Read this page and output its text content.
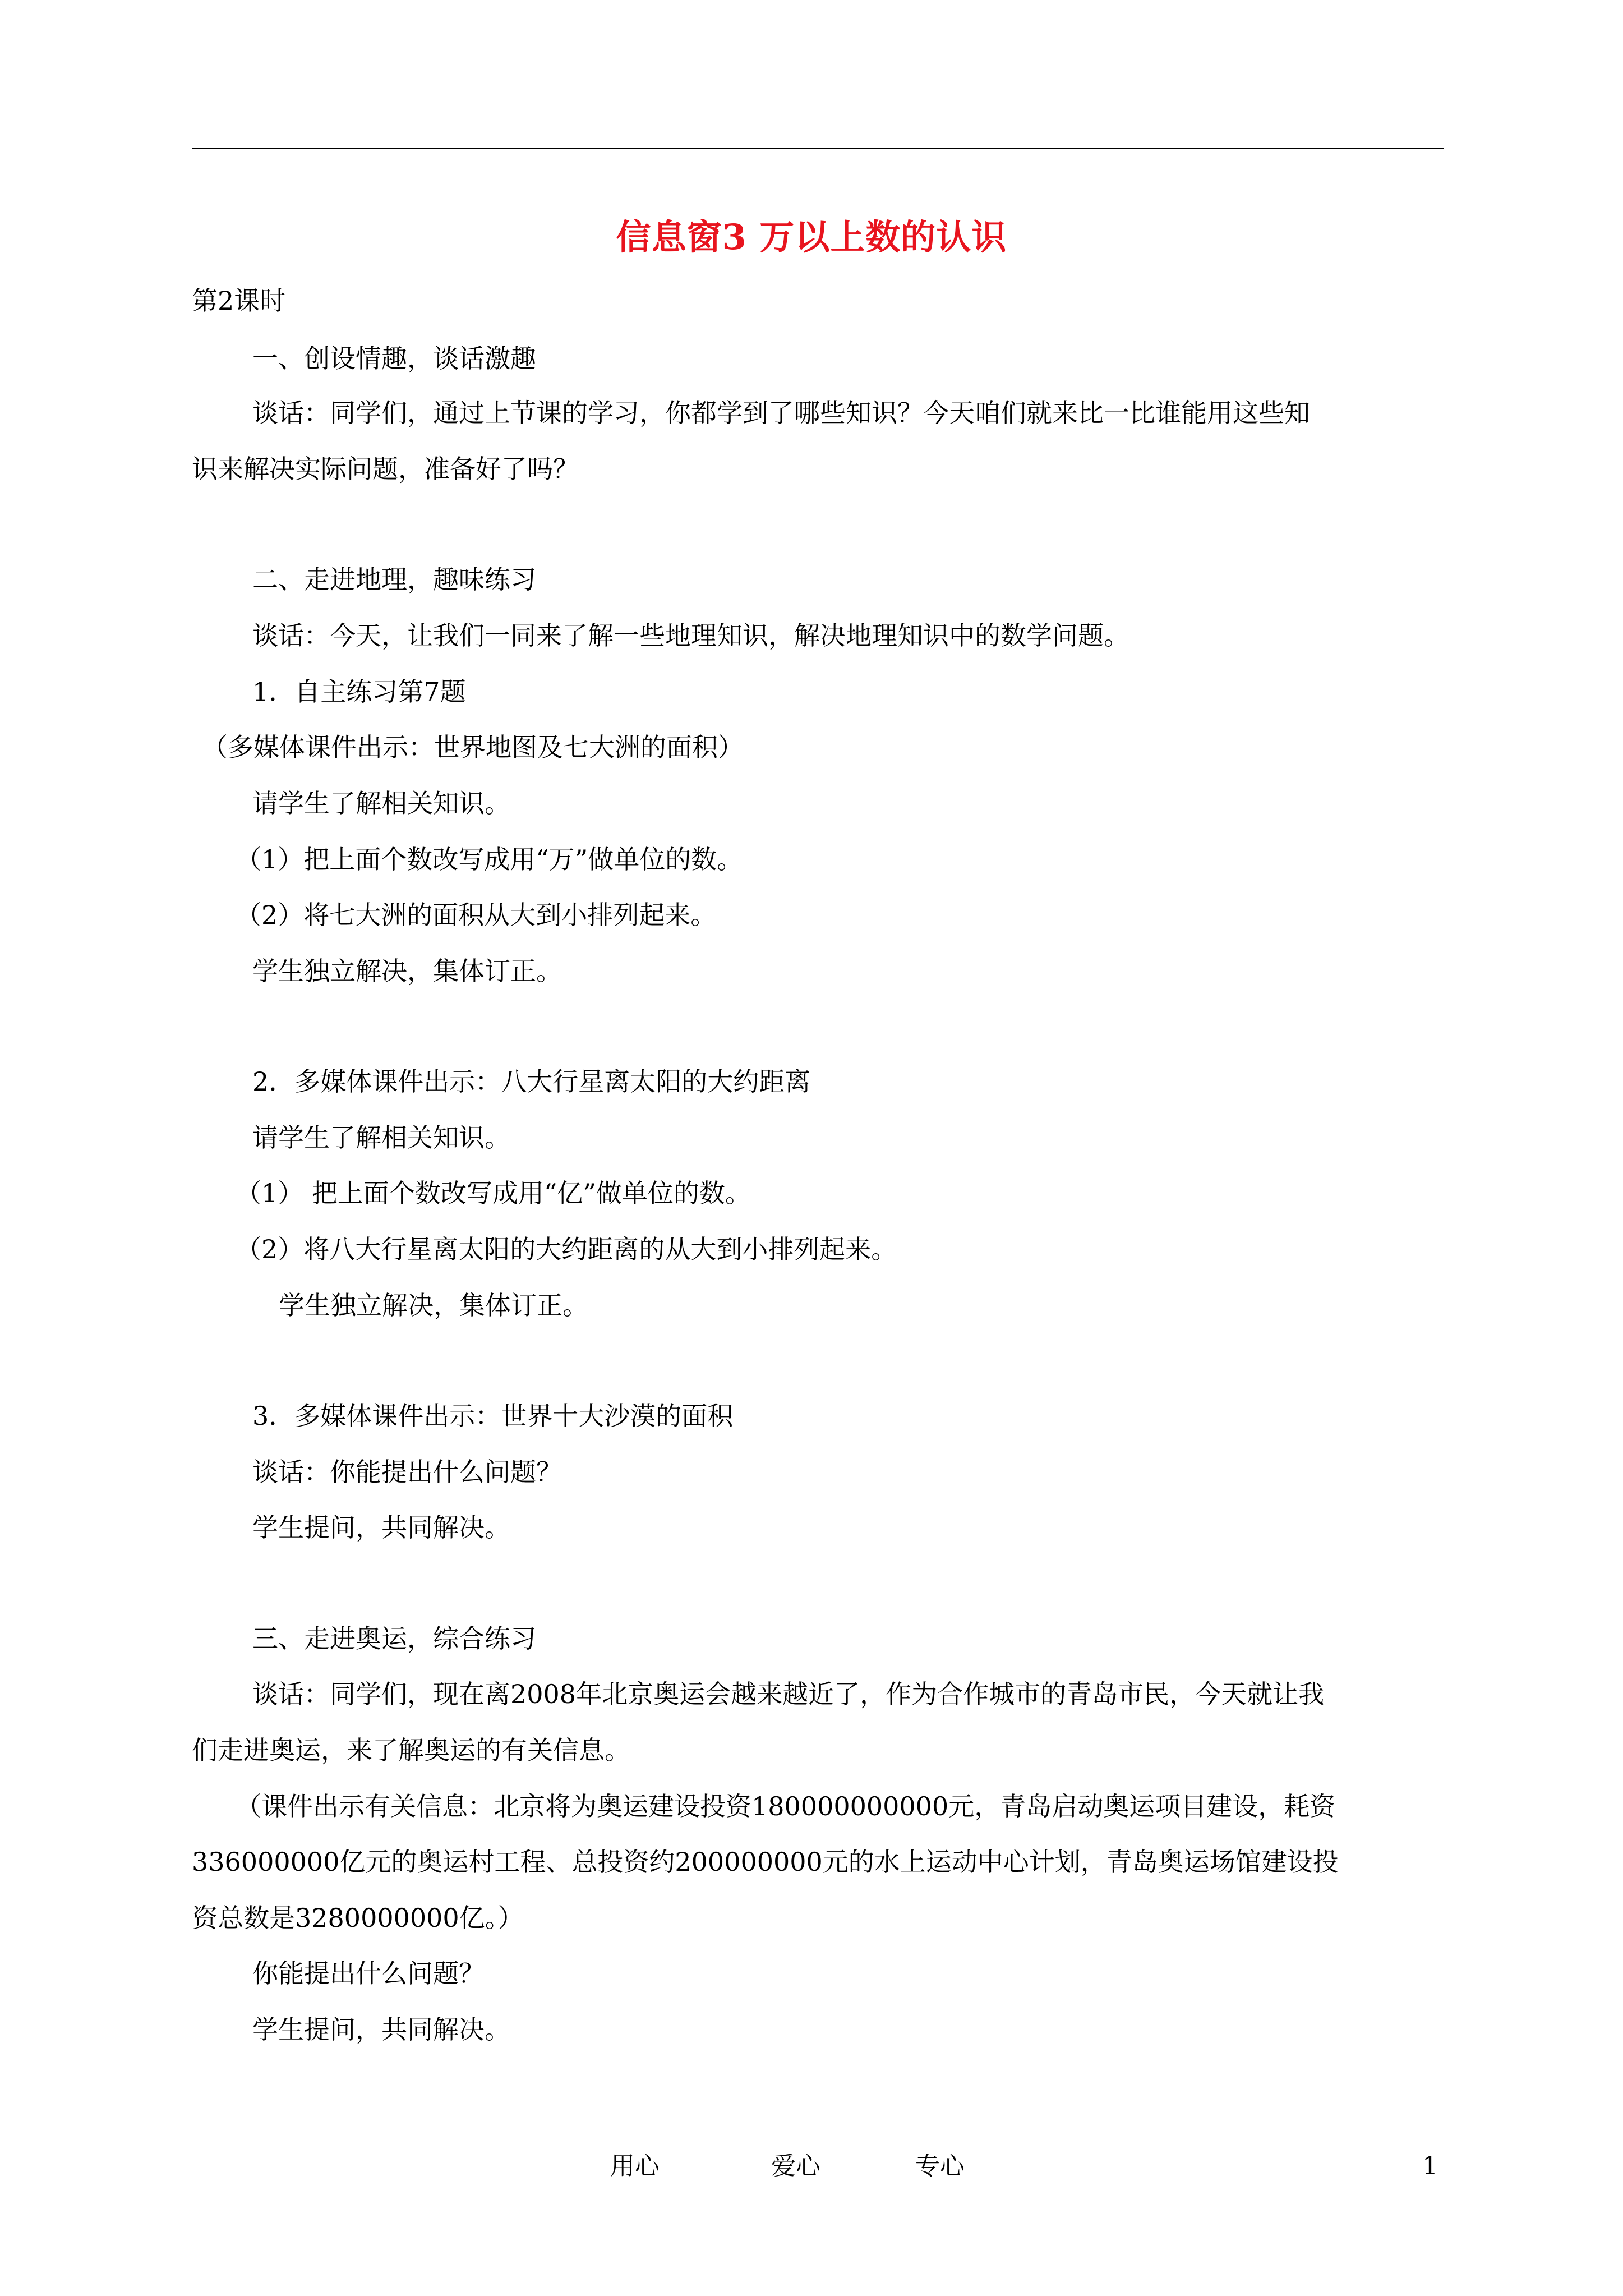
信息窗3 万以上数的认识
第2课时
一、创设情趣，谈话激趣
谈话：同学们，通过上节课的学习，你都学到了哪些知识？今天咱们就来比一比谁能用这些知
识来解决实际问题，准备好了吗？
二、走进地理，趣味练习
谈话：今天，让我们一同来了解一些地理知识，解决地理知识中的数学问题。
1．自主练习第7题
（多媒体课件出示：世界地图及七大洲的面积）
请学生了解相关知识。
（1）把上面个数改写成用“万”做单位的数。
（2）将七大洲的面积从大到小排列起来。
学生独立解决，集体订正。
2．多媒体课件出示：八大行星离太阳的大约距离
请学生了解相关知识。
（1） 把上面个数改写成用“亿”做单位的数。
（2）将八大行星离太阳的大约距离的从大到小排列起来。
学生独立解决，集体订正。
3．多媒体课件出示：世界十大沙漠的面积
谈话：你能提出什么问题？
学生提问，共同解决。
三、走进奥运，综合练习
谈话：同学们，现在离2008年北京奥运会越来越近了，作为合作城市的青岛市民，今天就让我
们走进奥运，来了解奥运的有关信息。
（课件出示有关信息：北京将为奥运建设投资180000000000元，青岛启动奥运项目建设，耗资
336000000亿元的奥运村工程、总投资约200000000元的水上运动中心计划，青岛奥运场馆建设投
资总数是3280000000亿。）
你能提出什么问题？
学生提问，共同解决。
用心	爱心	专心	1
